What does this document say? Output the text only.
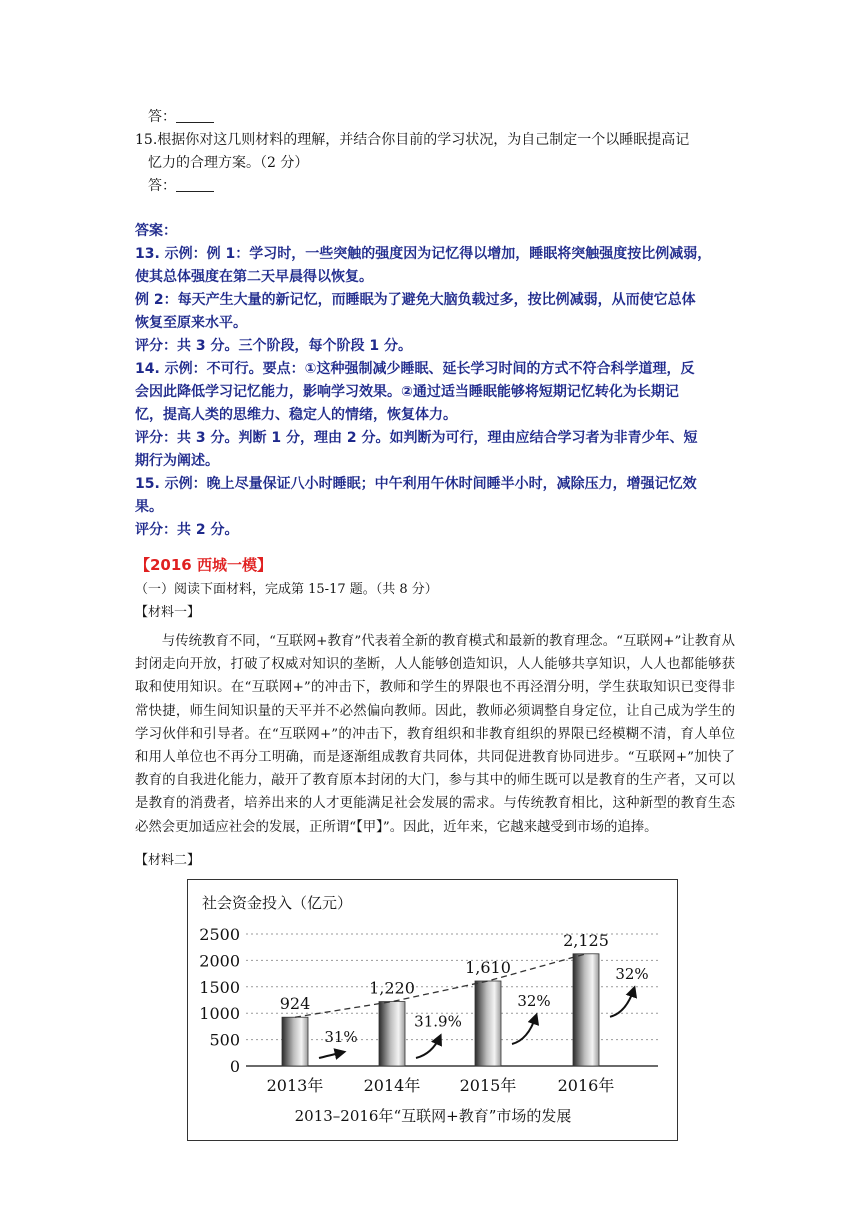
答：
15.根据你对这几则材料的理解，并结合你目前的学习状况，为自己制定一个以睡眠提高记
忆力的合理方案。（2 分）
答：
答案：
13. 示例：例 1：学习时，一些突触的强度因为记忆得以增加，睡眠将突触强度按比例减弱，
使其总体强度在第二天早晨得以恢复。
例 2：每天产生大量的新记忆，而睡眠为了避免大脑负载过多，按比例减弱，从而使它总体
恢复至原来水平。
评分：共 3 分。三个阶段，每个阶段 1 分。
14. 示例：不可行。要点：①这种强制减少睡眠、延长学习时间的方式不符合科学道理，反
会因此降低学习记忆能力，影响学习效果。②通过适当睡眠能够将短期记忆转化为长期记
忆，提高人类的思维力、稳定人的情绪，恢复体力。
评分：共 3 分。判断 1 分，理由 2 分。如判断为可行，理由应结合学习者为非青少年、短
期行为阐述。
15. 示例：晚上尽量保证八小时睡眠；中午利用午休时间睡半小时，减除压力，增强记忆效
果。
评分：共 2 分。
【2016 西城一模】
（一）阅读下面材料，完成第 15-17 题。（共 8 分）
【材料一】
与传统教育不同，“互联网+教育”代表着全新的教育模式和最新的教育理念。“互联网+”让教育从封闭走向开放，打破了权威对知识的垄断，人人能够创造知识，人人能够共享知识，人人也都能够获取和使用知识。在“互联网+”的冲击下，教师和学生的界限也不再泾渭分明，学生获取知识已变得非常快捷，师生间知识量的天平并不必然偏向教师。因此，教师必须调整自身定位，让自己成为学生的学习伙伴和引导者。在“互联网+”的冲击下，教育组织和非教育组织的界限已经模糊不清，育人单位和用人单位也不再分工明确，而是逐渐组成教育共同体，共同促进教育协同进步。“互联网+”加快了教育的自我进化能力，敲开了教育原本封闭的大门，参与其中的师生既可以是教育的生产者，又可以是教育的消费者，培养出来的人才更能满足社会发展的需求。与传统教育相比，这种新型的教育生态必然会更加适应社会的发展，正所谓“【甲】”。因此，近年来，它越来越受到市场的追捧。
【材料二】
社会资金投入（亿元）
0
500
1000
1500
2000
2500
924
2013年
1,220
2014年
1,610
2015年
2,125
2016年
31%
31.9%
32%
32%
2013–2016年“互联网+教育”市场的发展
